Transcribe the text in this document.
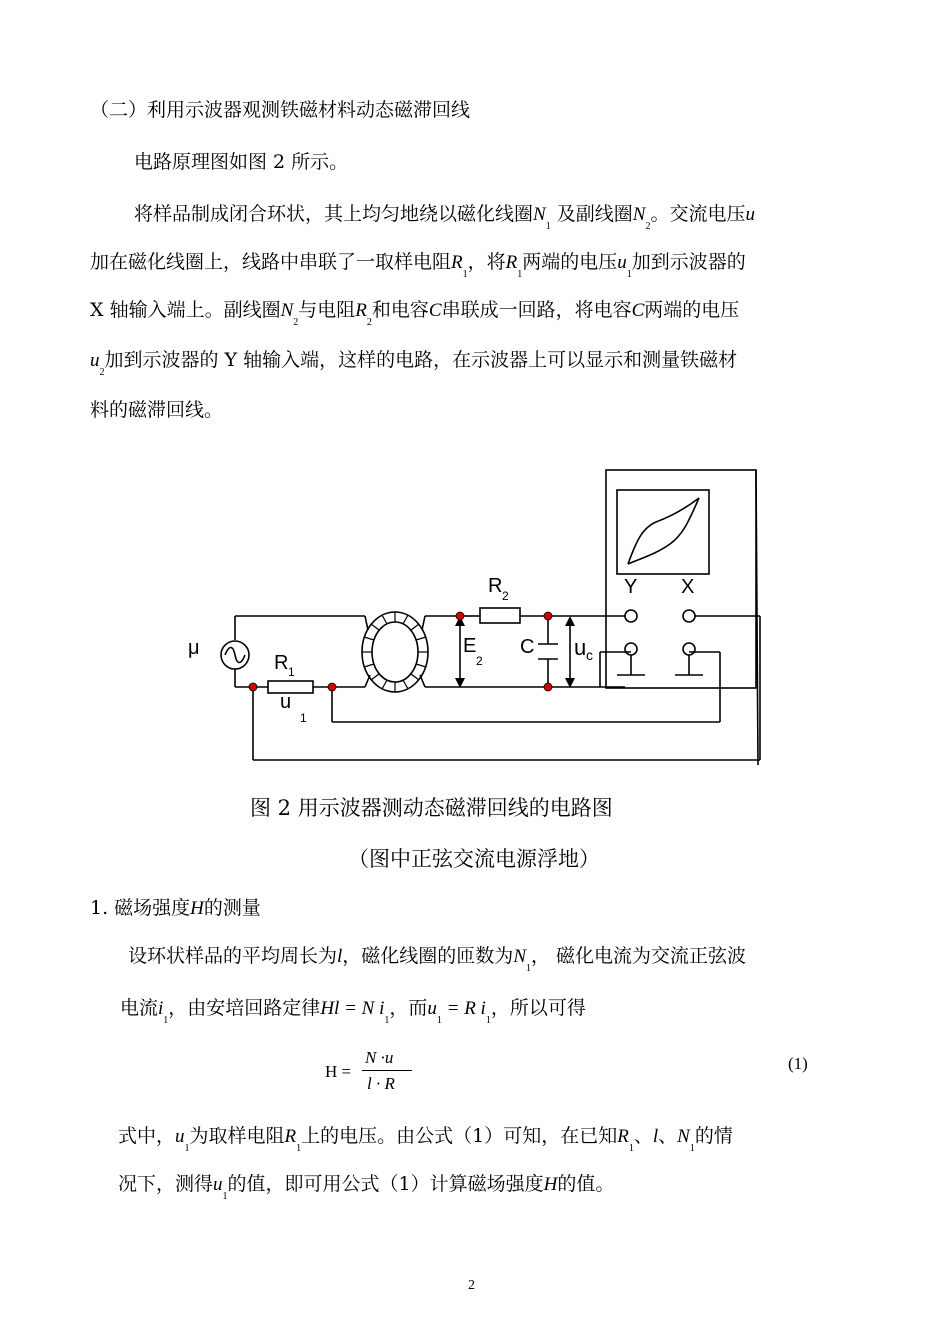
（二）利用示波器观测铁磁材料动态磁滞回线
电路原理图如图 2 所示。
将样品制成闭合环状，其上均匀地绕以磁化线圈$N_1$ 及副线圈$N_2$。交流电压u
加在磁化线圈上，线路中串联了一取样电阻$R_1$，将$R_1$两端的电压$u_1$加到示波器的
X 轴输入端上。副线圈$N_2$与电阻$R_2$和电容C串联成一回路，将电容C两端的电压
$u_2$加到示波器的 Y 轴输入端，这样的电路，在示波器上可以显示和测量铁磁材
料的磁滞回线。
μ
R 1
u
1
R 2
E
2
C u c
Y X
图 2 用示波器测动态磁滞回线的电路图
（图中正弦交流电源浮地）
1. 磁场强度H的测量
设环状样品的平均周长为l，磁化线圈的匝数为$N_1$， 磁化电流为交流正弦波
电流$i_1$，由安培回路定律Hl = N $i_1$，而$u_1 = R$ $i_1$，所以可得
H =
N ·u
l · R
(1)
式中，$u_1$为取样电阻$R_1$上的电压。由公式（1）可知，在已知$R_1$、l、$N_1$的情
况下，测得$u_1$的值，即可用公式（1）计算磁场强度H的值。
2
